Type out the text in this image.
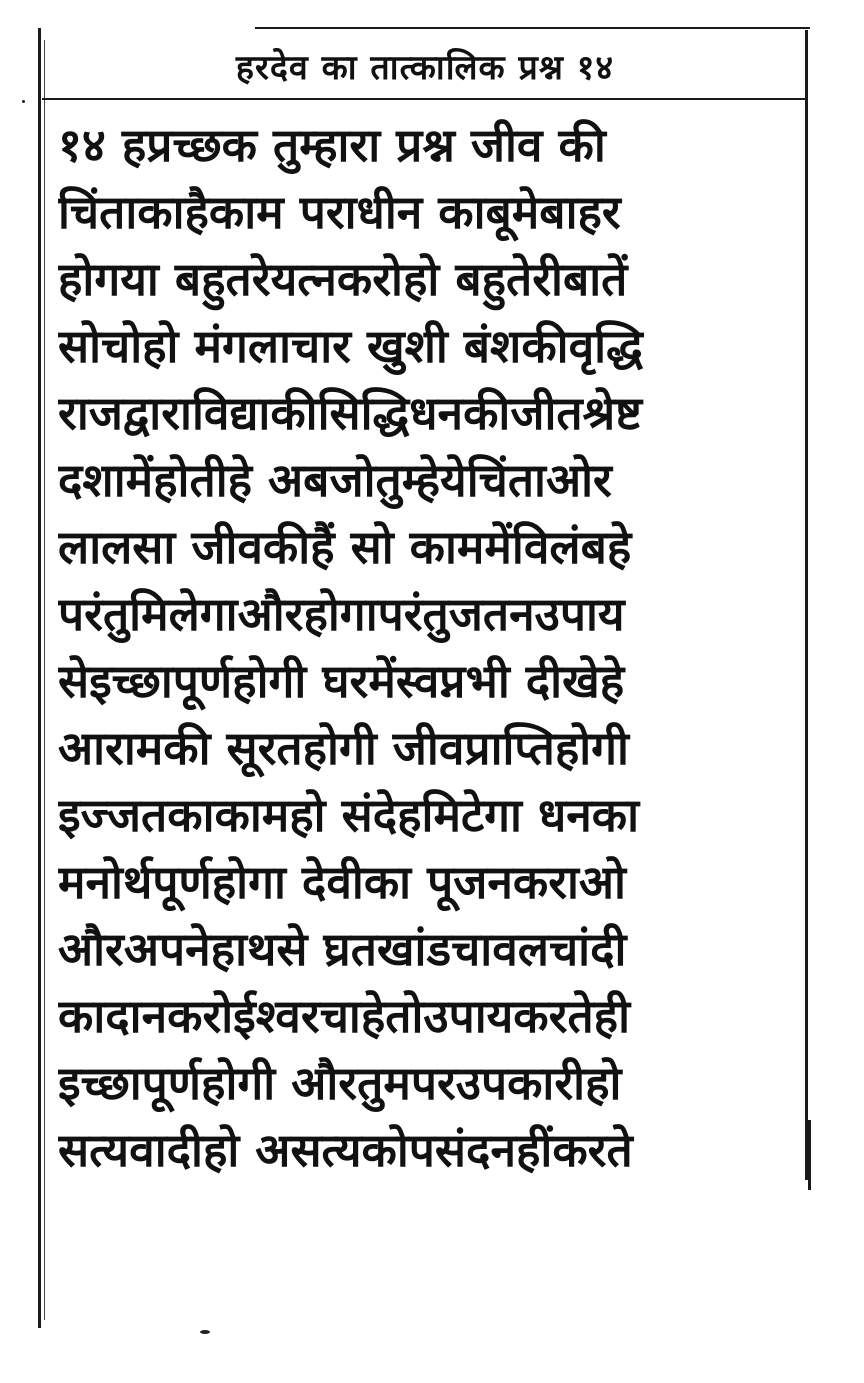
हरदेव का तात्कालिक प्रश्न १४
१४ हप्रच्छक तुम्हारा प्रश्न जीव की
चिंताकाहैकाम पराधीन काबूमेबाहर
होगया बहुतरेयत्नकरोहो बहुतेरीबातें
सोचोहो मंगलाचार खुशी बंशकीवृद्धि
राजद्वाराविद्याकीसिद्धिधनकीजीतश्रेष्ट
दशामेंहोतीहे अबजोतुम्हेयेचिंताओर
लालसा जीवकीहैं सो काममेंविलंबहे
परंतुमिलेगाऔरहोगापरंतुजतनउपाय
सेइच्छापूर्णहोगी घरमेंस्वप्नभी दीखेहे
आरामकी सूरतहोगी जीवप्राप्तिहोगी
इज्जतकाकामहो संदेहमिटेगा धनका
मनोर्थपूर्णहोगा देवीका पूजनकराओ
औरअपनेहाथसे घ्रतखांडचावलचांदी
कादानकरोईश्वरचाहेतोउपायकरतेही
इच्छापूर्णहोगी औरतुमपरउपकारीहो
सत्यवादीहो असत्यकोपसंदनहींकरते
